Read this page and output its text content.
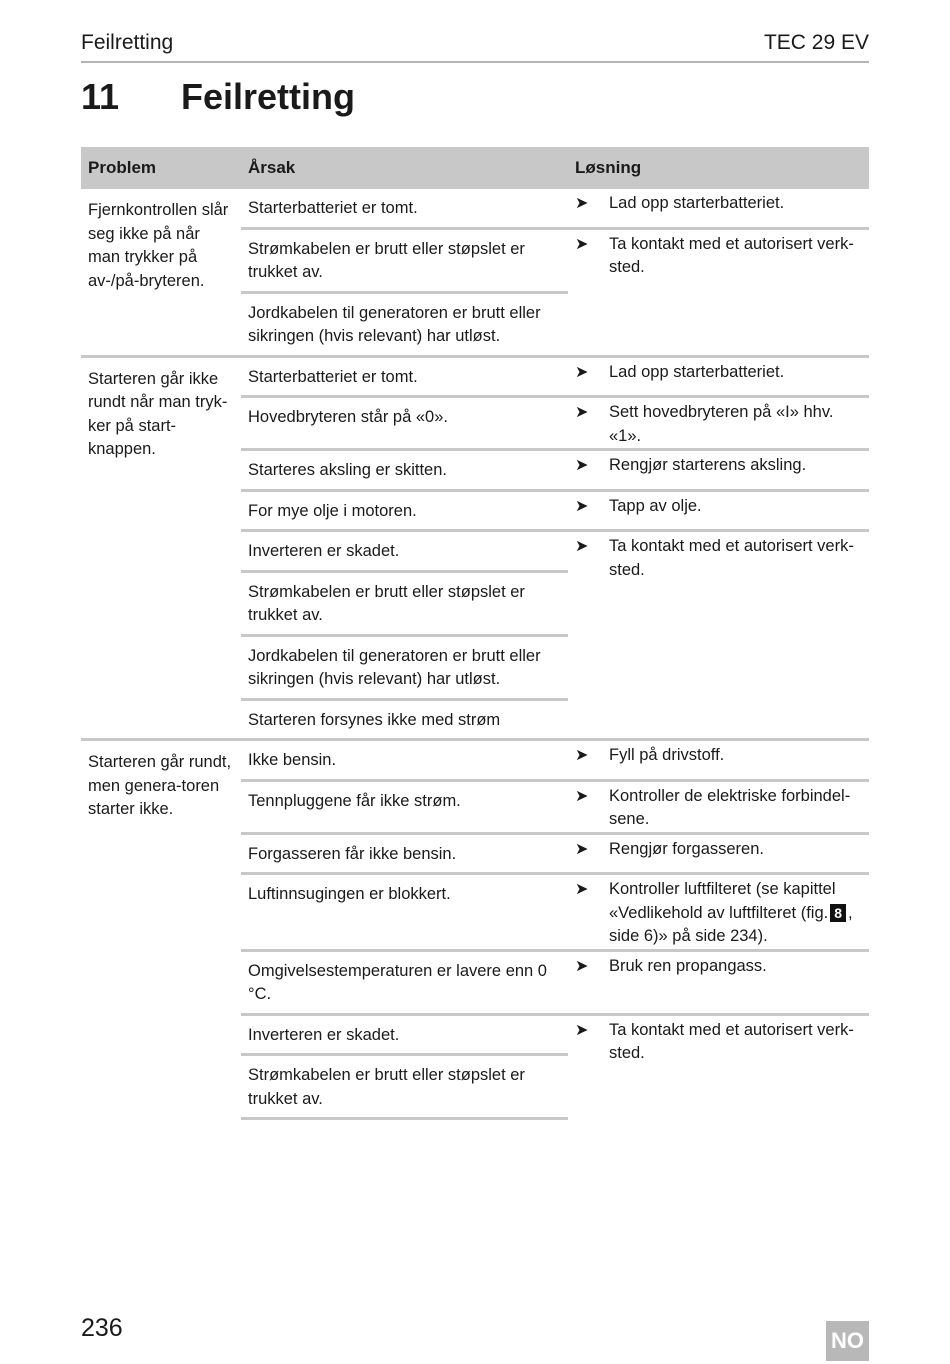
Feilretting	TEC 29 EV
11 Feilretting
Problem	Årsak	Løsning
Fjernkontrollen slår seg ikke på når man trykker på av-/på-bryteren.	Starterbatteriet er tomt.	➤ Lad opp starterbatteriet.

	Strømkabelen er brutt eller støpslet er trukket av.	➤ Ta kontakt med et autorisert verk-sted.

	Jordkabelen til generatoren er brutt eller sikringen (hvis relevant) har utløst.	
Starteren går ikke rundt når man tryk-ker på start-knappen.	Starterbatteriet er tomt.	➤ Lad opp starterbatteriet.

	Hovedbryteren står på «0».	➤ Sett hovedbryteren på «I» hhv. «1».

	Starteres aksling er skitten.	➤ Rengjør starterens aksling.

	For mye olje i motoren.	➤ Tapp av olje.

	Inverteren er skadet.	➤ Ta kontakt med et autorisert verk-sted.

	Strømkabelen er brutt eller støpslet er trukket av.	
	Jordkabelen til generatoren er brutt eller sikringen (hvis relevant) har utløst.	
	Starteren forsynes ikke med strøm	
Starteren går rundt, men genera-toren starter ikke.	Ikke bensin.	➤ Fyll på drivstoff.

	Tennpluggene får ikke strøm.	➤ Kontroller de elektriske forbindel-sene.

	Forgasseren får ikke bensin.	➤ Rengjør forgasseren.

	Luftinnsugingen er blokkert.	➤ Kontroller luftfilteret (se kapittel «Vedlikehold av luftfilteret (fig. 8 , side 6)» på side 234).

	Omgivelsestemperaturen er lavere enn 0 °C.	➤ Bruk ren propangass.

	Inverteren er skadet.	➤ Ta kontakt med et autorisert verk-sted.

	Strømkabelen er brutt eller støpslet er trukket av.	
236	NO
